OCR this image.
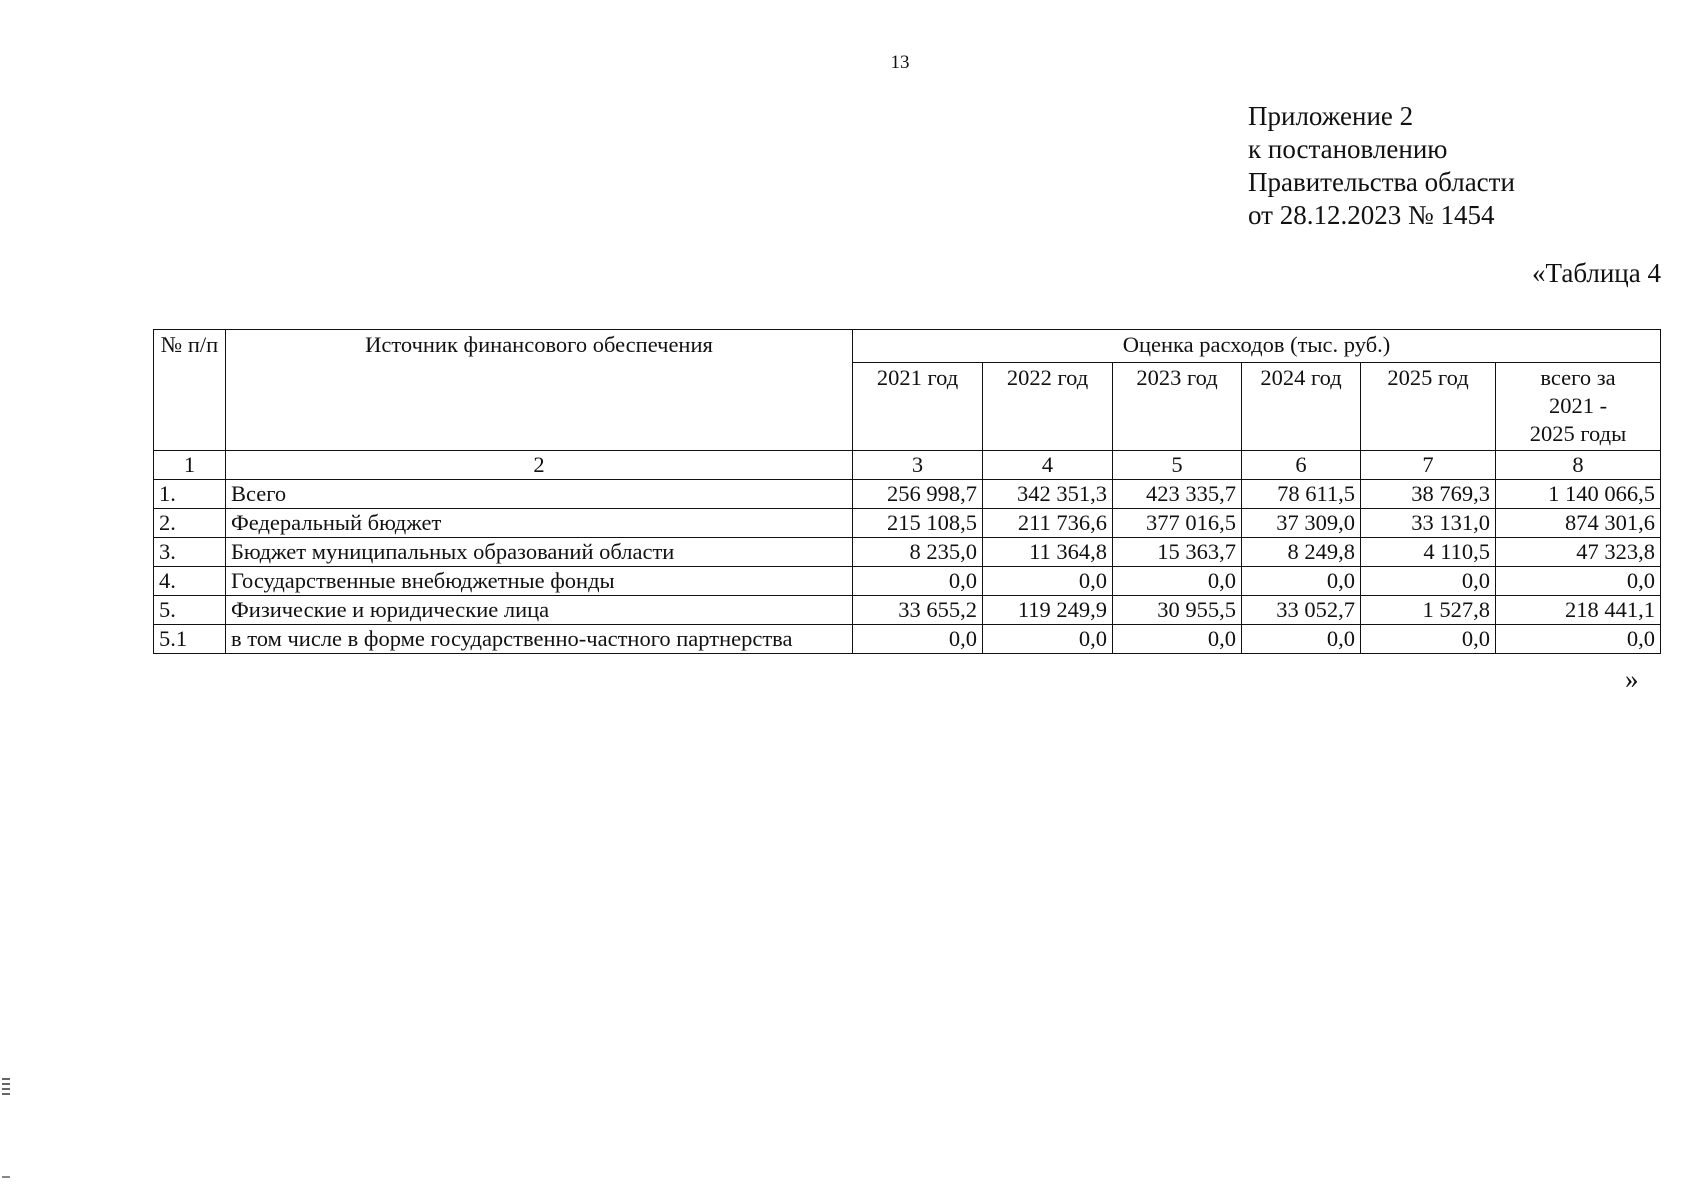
13
Приложение 2
к постановлению
Правительства области
от 28.12.2023 № 1454
«Таблица 4
№ п/п	Источник финансового обеспечения	Оценка расходов (тыс. руб.)					
		2021 год	2022 год	2023 год	2024 год	2025 год	всего за 2021 - 2025 годы
1	2	3	4	5	6	7	8
1.	Всего	256 998,7	342 351,3	423 335,7	78 611,5	38 769,3	1 140 066,5
2.	Федеральный бюджет	215 108,5	211 736,6	377 016,5	37 309,0	33 131,0	874 301,6
3.	Бюджет муниципальных образований области	8 235,0	11 364,8	15 363,7	8 249,8	4 110,5	47 323,8
4.	Государственные внебюджетные фонды	0,0	0,0	0,0	0,0	0,0	0,0
5.	Физические и юридические лица	33 655,2	119 249,9	30 955,5	33 052,7	1 527,8	218 441,1
5.1	в том числе в форме государственно-частного партнерства	0,0	0,0	0,0	0,0	0,0	0,0
»
